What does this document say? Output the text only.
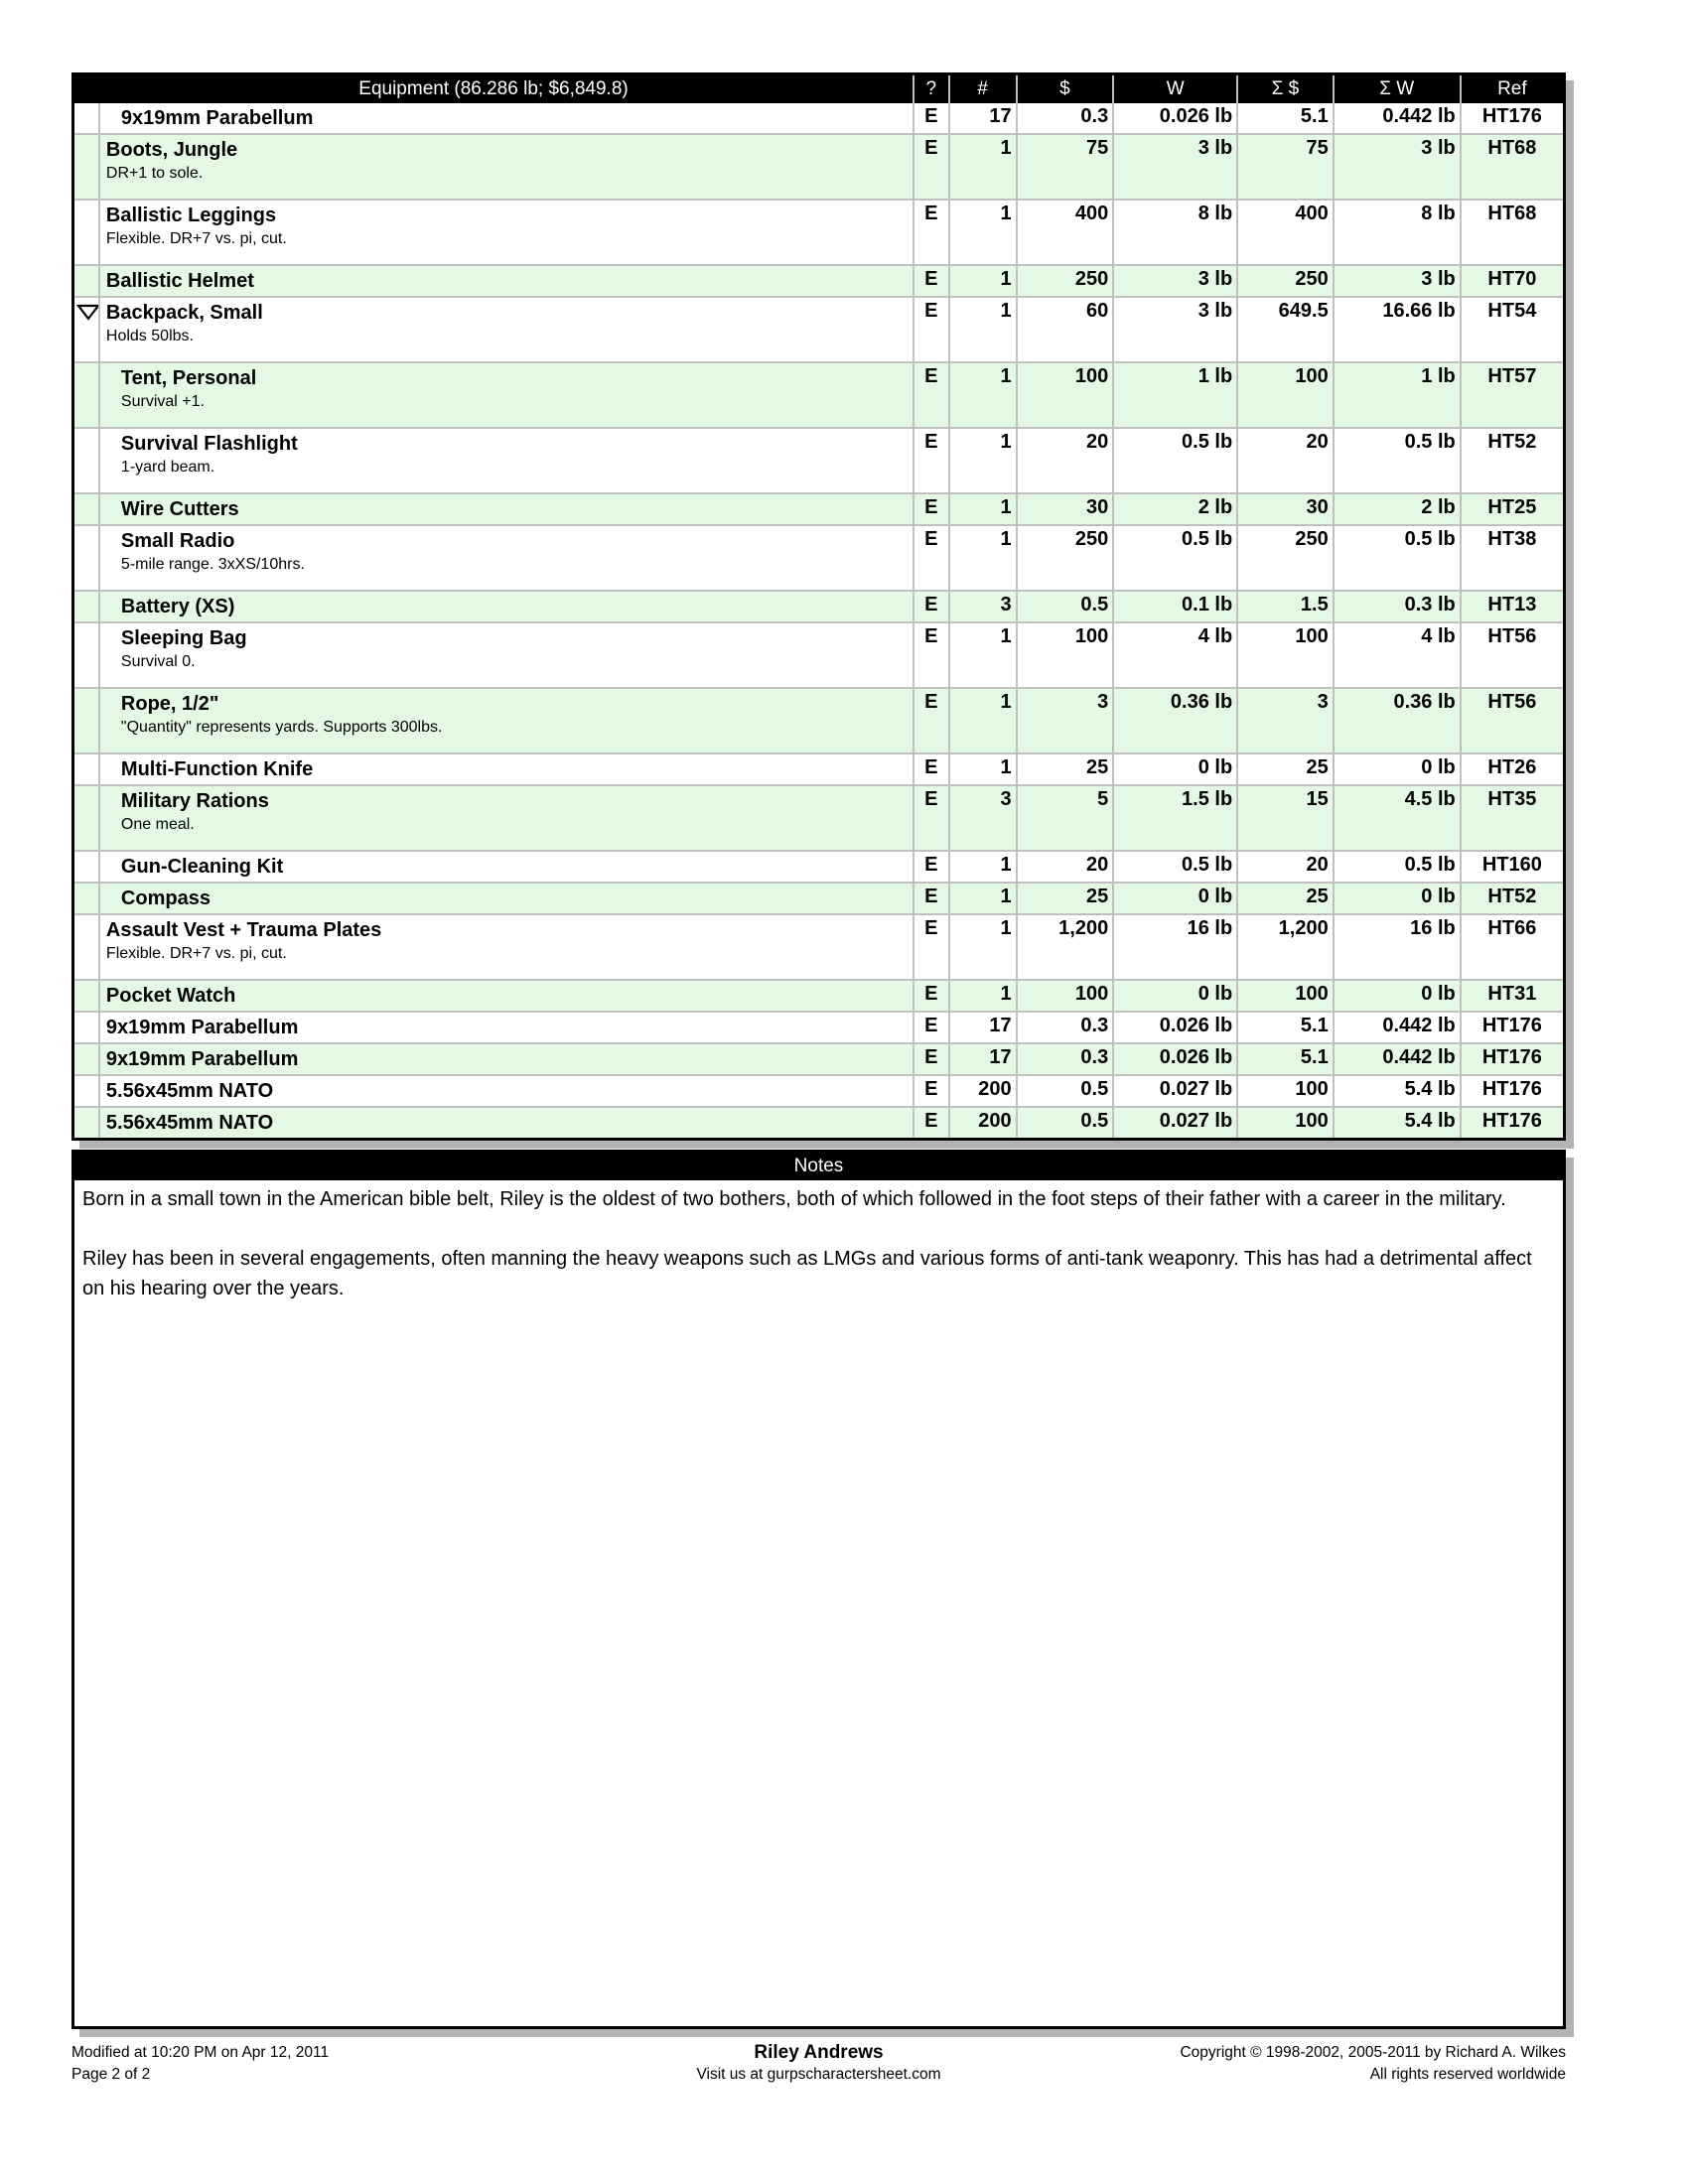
Equipment (86.286 lb; $6,849.8)		?	#	$	W	Σ $	Σ W	Ref

	9x19mm Parabellum	E	17	0.3	0.026 lb	5.1	0.442 lb	HT176

	Boots, Jungle
DR+1 to sole.	E	1	75	3 lb	75	3 lb	HT68

	Ballistic Leggings
Flexible. DR+7 vs. pi, cut.	E	1	400	8 lb	400	8 lb	HT68

	Ballistic Helmet	E	1	250	3 lb	250	3 lb	HT70

Backpack, Small
Holds 50lbs.	E	1	60	3 lb	649.5	16.66 lb	HT54

	Tent, Personal
Survival +1.	E	1	100	1 lb	100	1 lb	HT57

	Survival Flashlight
1-yard beam.	E	1	20	0.5 lb	20	0.5 lb	HT52

	Wire Cutters	E	1	30	2 lb	30	2 lb	HT25

	Small Radio
5-mile range. 3xXS/10hrs.	E	1	250	0.5 lb	250	0.5 lb	HT38

	Battery (XS)	E	3	0.5	0.1 lb	1.5	0.3 lb	HT13

	Sleeping Bag
Survival 0.	E	1	100	4 lb	100	4 lb	HT56

	Rope, 1/2"
"Quantity" represents yards. Supports 300lbs.	E	1	3	0.36 lb	3	0.36 lb	HT56

	Multi-Function Knife	E	1	25	0 lb	25	0 lb	HT26

	Military Rations
One meal.	E	3	5	1.5 lb	15	4.5 lb	HT35

	Gun-Cleaning Kit	E	1	20	0.5 lb	20	0.5 lb	HT160

	Compass	E	1	25	0 lb	25	0 lb	HT52

	Assault Vest + Trauma Plates
Flexible. DR+7 vs. pi, cut.	E	1	1,200	16 lb	1,200	16 lb	HT66

	Pocket Watch	E	1	100	0 lb	100	0 lb	HT31

	9x19mm Parabellum	E	17	0.3	0.026 lb	5.1	0.442 lb	HT176

	9x19mm Parabellum	E	17	0.3	0.026 lb	5.1	0.442 lb	HT176

	5.56x45mm NATO	E	200	0.5	0.027 lb	100	5.4 lb	HT176

	5.56x45mm NATO	E	200	0.5	0.027 lb	100	5.4 lb	HT176
Notes

Born in a small town in the American bible belt, Riley is the oldest of two bothers, both of which followed in the foot steps of their father with a career in the military.

Riley has been in several engagements, often manning the heavy weapons such as LMGs and various forms of anti-tank weaponry. This has had a detrimental affect on his hearing over the years.

Modified at 10:20 PM on Apr 12, 2011
Page 2 of 2
Riley Andrews
Visit us at gurpscharactersheet.com
Copyright © 1998-2002, 2005-2011 by Richard A. Wilkes
All rights reserved worldwide
